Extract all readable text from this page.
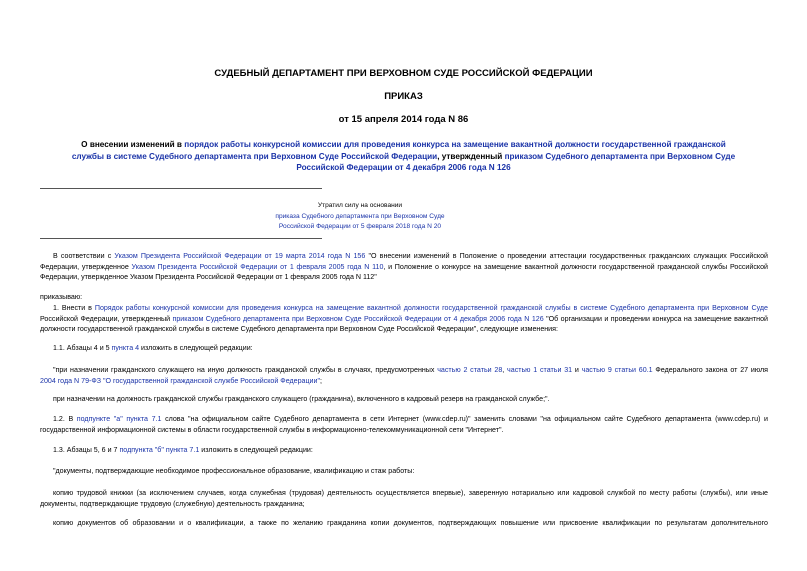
СУДЕБНЫЙ ДЕПАРТАМЕНТ ПРИ ВЕРХОВНОМ СУДЕ РОССИЙСКОЙ ФЕДЕРАЦИИ
ПРИКАЗ
от 15 апреля 2014 года N 86
О внесении изменений в порядок работы конкурсной комиссии для проведения конкурса на замещение вакантной должности государственной гражданской
службы в системе Судебного департамента при Верховном Суде Российской Федерации, утвержденный приказом Судебного департамента при Верховном Суде
Российской Федерации от 4 декабря 2006 года N 126
Утратил силу на основании
приказа Судебного департамента при Верховном Суде
Российской Федерации от 5 февраля 2018 года N 20
В соответствии с Указом Президента Российской Федерации от 19 марта 2014 года N 156 "О внесении изменений в Положение о проведении аттестации государственных гражданских служащих Российской
Федерации, утвержденное Указом Президента Российской Федерации от 1 февраля 2005 года N 110, и Положение о конкурсе на замещение вакантной должности государственной гражданской службы Российской
Федерации, утвержденное Указом Президента Российской Федерации от 1 февраля 2005 года N 112"
приказываю:
1. Внести в Порядок работы конкурсной комиссии для проведения конкурса на замещение вакантной должности государственной гражданской службы в системе Судебного департамента при Верховном Суде
Российской Федерации, утвержденный приказом Судебного департамента при Верховном Суде Российской Федерации от 4 декабря 2006 года N 126 "Об организации и проведении конкурса на замещение вакантной
должности государственной гражданской службы в системе Судебного департамента при Верховном Суде Российской Федерации", следующие изменения:
1.1. Абзацы 4 и 5 пункта 4 изложить в следующей редакции:
"при назначении гражданского служащего на иную должность гражданской службы в случаях, предусмотренных частью 2 статьи 28, частью 1 статьи 31 и частью 9 статьи 60.1 Федерального закона от 27 июля
2004 года N 79-ФЗ "О государственной гражданской службе Российской Федерации";
при назначении на должность гражданской службы гражданского служащего (гражданина), включенного в кадровый резерв на гражданской службе;".
1.2. В подпункте "а" пункта 7.1 слова "на официальном сайте Судебного департамента в сети Интернет (www.cdep.ru)" заменить словами "на официальном сайте Судебного департамента (www.cdep.ru) и
государственной информационной системы в области государственной службы в информационно-телекоммуникационной сети "Интернет".
1.3. Абзацы 5, 6 и 7 подпункта "б" пункта 7.1 изложить в следующей редакции:
"документы, подтверждающие необходимое профессиональное образование, квалификацию и стаж работы:
копию трудовой книжки (за исключением случаев, когда служебная (трудовая) деятельность осуществляется впервые), заверенную нотариально или кадровой службой по месту работы (службы), или иные
документы, подтверждающие трудовую (служебную) деятельность гражданина;
копию документов об образовании и о квалификации, а также по желанию гражданина копии документов, подтверждающих повышение или присвоение квалификации по результатам дополнительного
